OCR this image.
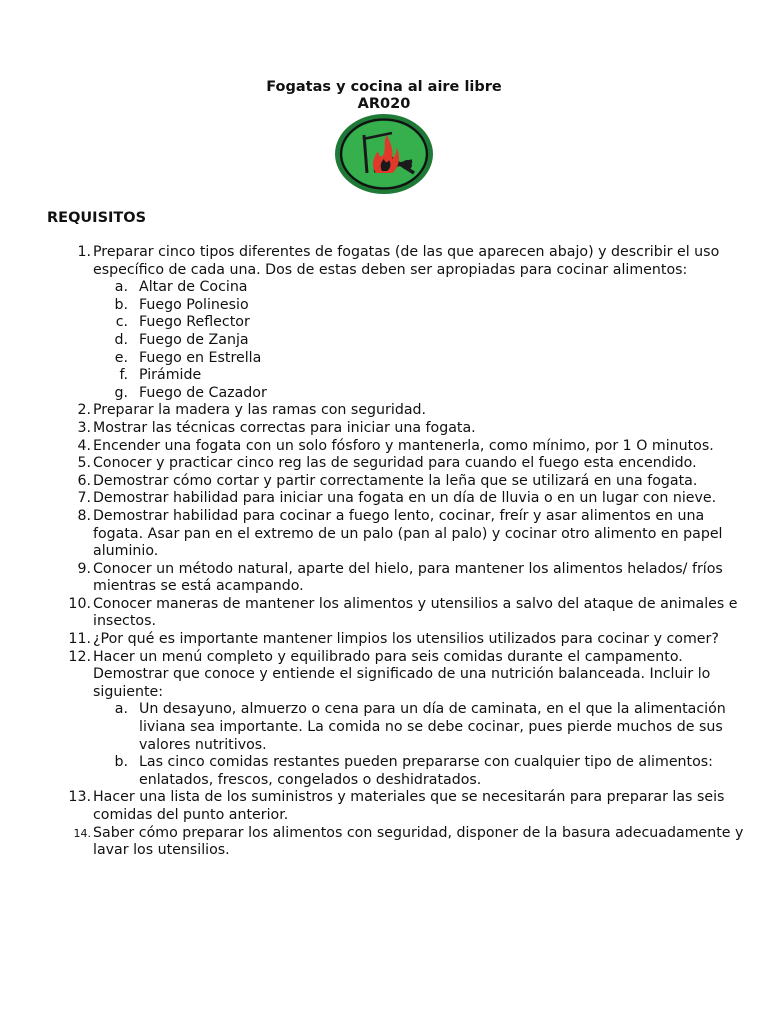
Fogatas y cocina al aire libre
AR020
REQUISITOS
1. Preparar cinco tipos diferentes de fogatas (de las que aparecen abajo) y describir el uso
específico de cada una. Dos de estas deben ser apropiadas para cocinar alimentos:
a. Altar de Cocina
b. Fuego Polinesio
c. Fuego Reflector
d. Fuego de Zanja
e. Fuego en Estrella
f. Pirámide
g. Fuego de Cazador
2. Preparar la madera y las ramas con seguridad.
3. Mostrar las técnicas correctas para iniciar una fogata.
4. Encender una fogata con un solo fósforo y mantenerla, como mínimo, por 1 O minutos.
5. Conocer y practicar cinco reg las de seguridad para cuando el fuego esta encendido.
6. Demostrar cómo cortar y partir correctamente la leña que se utilizará en una fogata.
7. Demostrar habilidad para iniciar una fogata en un día de lluvia o en un lugar con nieve.
8. Demostrar habilidad para cocinar a fuego lento, cocinar, freír y asar alimentos en una
fogata. Asar pan en el extremo de un palo (pan al palo) y cocinar otro alimento en papel
aluminio.
9. Conocer un método natural, aparte del hielo, para mantener los alimentos helados/ fríos
mientras se está acampando.
10. Conocer maneras de mantener los alimentos y utensilios a salvo del ataque de animales e
insectos.
11. ¿Por qué es importante mantener limpios los utensilios utilizados para cocinar y comer?
12. Hacer un menú completo y equilibrado para seis comidas durante el campamento.
Demostrar que conoce y entiende el significado de una nutrición balanceada. Incluir lo
siguiente:
a. Un desayuno, almuerzo o cena para un día de caminata, en el que la alimentación
liviana sea importante. La comida no se debe cocinar, pues pierde muchos de sus
valores nutritivos.
b. Las cinco comidas restantes pueden prepararse con cualquier tipo de alimentos:
enlatados, frescos, congelados o deshidratados.
13. Hacer una lista de los suministros y materiales que se necesitarán para preparar las seis
comidas del punto anterior.
14. Saber cómo preparar los alimentos con seguridad, disponer de la basura adecuadamente y
lavar los utensilios.
